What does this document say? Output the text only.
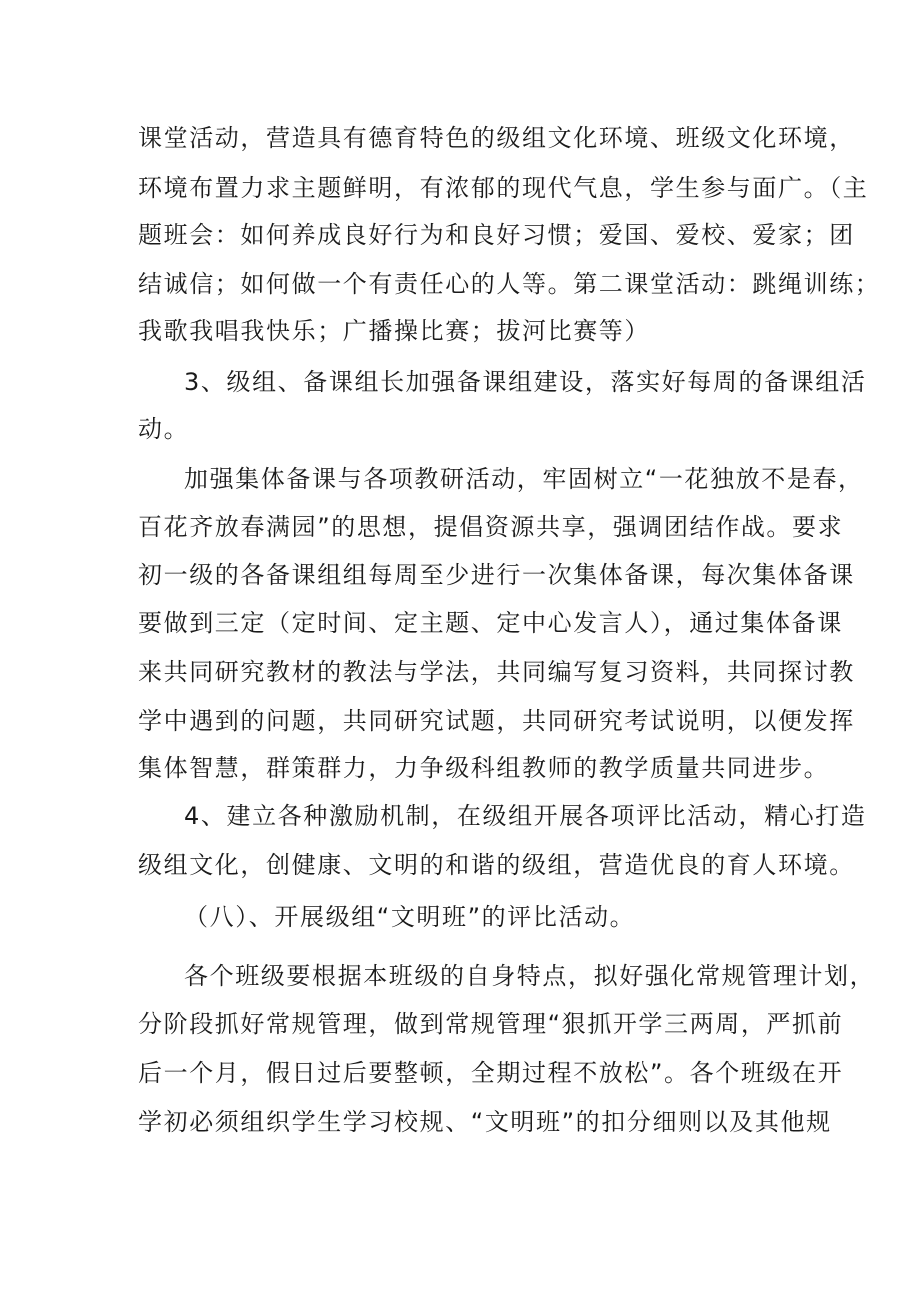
课堂活动，营造具有德育特色的级组文化环境、班级文化环境，
环境布置力求主题鲜明，有浓郁的现代气息，学生参与面广。（主
题班会：如何养成良好行为和良好习惯；爱国、爱校、爱家；团
结诚信；如何做一个有责任心的人等。第二课堂活动：跳绳训练；
我歌我唱我快乐；广播操比赛；拔河比赛等）
3、级组、备课组长加强备课组建设，落实好每周的备课组活
动。
加强集体备课与各项教研活动，牢固树立“一花独放不是春，
百花齐放春满园”的思想，提倡资源共享，强调团结作战。要求
初一级的各备课组组每周至少进行一次集体备课，每次集体备课
要做到三定（定时间、定主题、定中心发言人），通过集体备课
来共同研究教材的教法与学法，共同编写复习资料，共同探讨教
学中遇到的问题，共同研究试题，共同研究考试说明，以便发挥
集体智慧，群策群力，力争级科组教师的教学质量共同进步。
4、建立各种激励机制，在级组开展各项评比活动，精心打造
级组文化，创健康、文明的和谐的级组，营造优良的育人环境。
（八）、开展级组“文明班”的评比活动。
各个班级要根据本班级的自身特点，拟好强化常规管理计划，
分阶段抓好常规管理，做到常规管理“狠抓开学三两周，严抓前
后一个月，假日过后要整顿，全期过程不放松”。各个班级在开
学初必须组织学生学习校规、“文明班”的扣分细则以及其他规
